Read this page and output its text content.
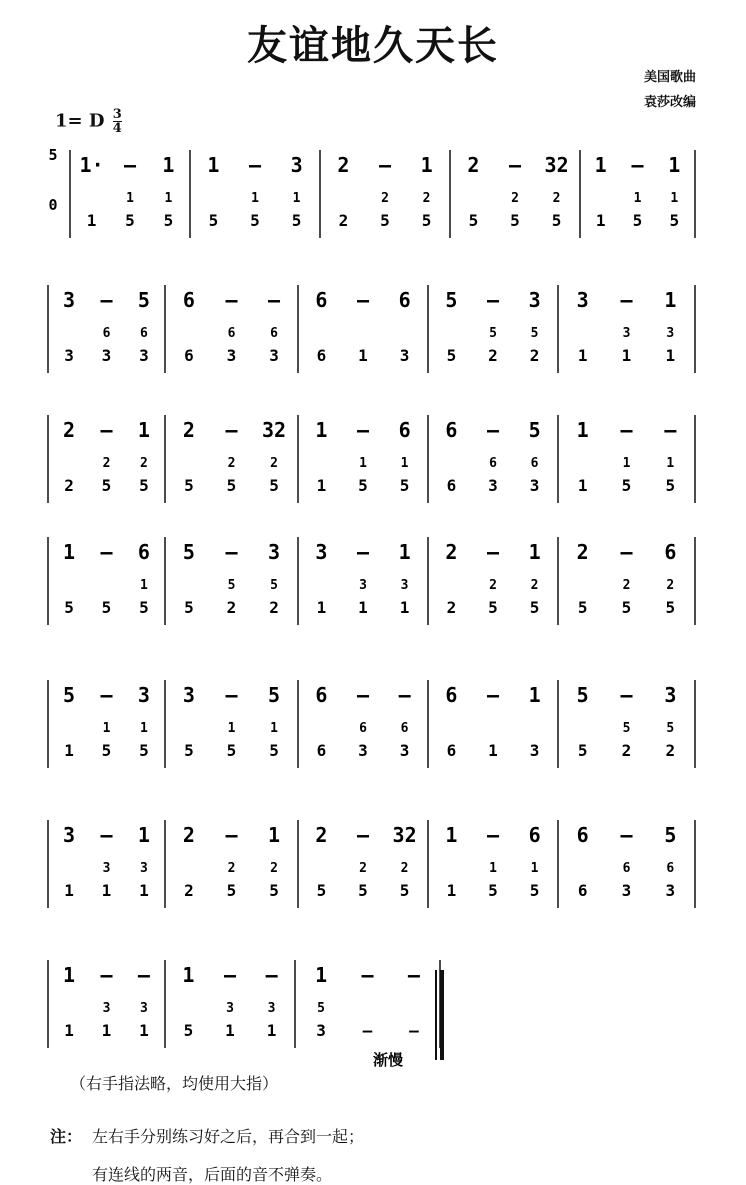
友谊地久天长
美国歌曲
袁莎改编
1= D $\frac{3}{4}$
5
0
1·
1
—
1
5
1
1
5
1
5
—
1
5
3
1
5
2
2
—
2
5
1
2
5
2
5
—
2
5
32
2
5
1
1
—
1
5
1
1
5
3
3
—
6
3
5
6
3
6
6
—
6
3
—
6
3
6
6
—
1
6
3
5
5
—
5
2
3
5
2
3
1
—
3
1
1
3
1
2
2
—
2
5
1
2
5
2
5
—
2
5
32
2
5
1
1
—
1
5
6
1
5
6
6
—
6
3
5
6
3
1
1
—
1
5
—
1
5
1
5
—
5
6
1
5
5
5
—
5
2
3
5
2
3
1
—
3
1
1
3
1
2
2
—
2
5
1
2
5
2
5
—
2
5
6
2
5
5
1
—
1
5
3
1
5
3
5
—
1
5
5
1
5
6
6
—
6
3
—
6
3
6
6
—
1
1
3
5
5
—
5
2
3
5
2
3
1
—
3
1
1
3
1
2
2
—
2
5
1
2
5
2
5
—
2
5
32
2
5
1
1
—
1
5
6
1
5
6
6
—
6
3
5
6
3
1
1
—
3
1
—
3
1
1
5
—
3
1
—
3
1
1
5
3
—
—
—
—
渐慢
（右手指法略，均使用大指）
注： 左右手分别练习好之后，再合到一起；
有连线的两音，后面的音不弹奏。
